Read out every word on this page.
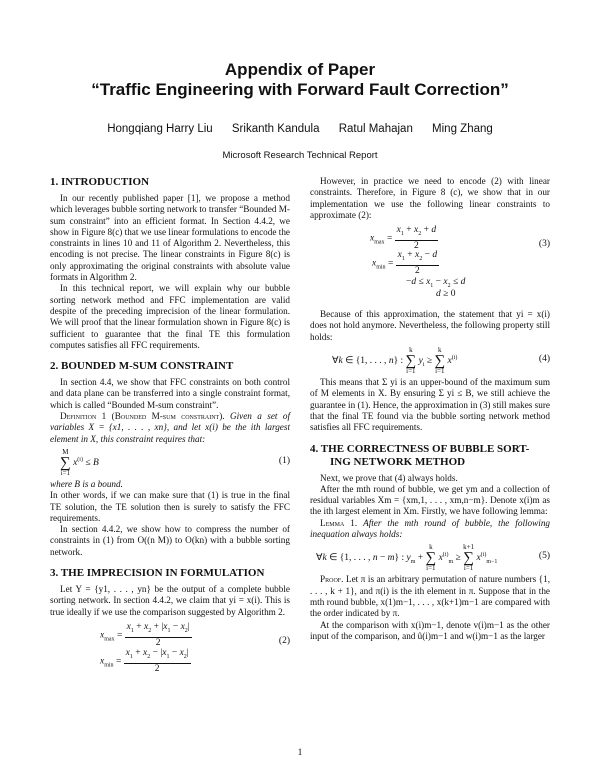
Appendix of Paper
“Traffic Engineering with Forward Fault Correction”
Hongqiang Harry Liu Srikanth Kandula Ratul Mahajan Ming Zhang
Microsoft Research Technical Report
1. INTRODUCTION

In our recently published paper [1], we propose a method which leverages bubble sorting network to transfer “Bounded M-sum constraint” into an efficient format. In Section 4.4.2, we show in Figure 8(c) that we use linear formulations to encode the constraints in lines 10 and 11 of Algorithm 2. Nevertheless, this encoding is not precise. The linear constraints in Figure 8(c) is only approximating the original constraints with absolute value formats in Algorithm 2.

In this technical report, we will explain why our bubble sorting network method and FFC implementation are valid despite of the preceding imprecision of the linear formulation. We will proof that the linear formulation shown in Figure 8(c) is sufficient to guarantee that the final TE this formulation computes satisfies all FFC requirements.

2. BOUNDED M-SUM CONSTRAINT

In section 4.4, we show that FFC constraints on both control and data plane can be transferred into a single constraint format, which is called “Bounded M-sum constraint”.

Definition 1 (Bounded M-sum constraint). Given a set of variables X = {x1, . . . , xn}, and let x(i) be the ith largest element in X, this constraint requires that:

M
∑
i=1 $x^{(i)} \le B$	(1)

where B is a bound.

In other words, if we can make sure that (1) is true in the final TE solution, the TE solution then is surely to satisfy the FFC requirements.

In section 4.4.2, we show how to compress the number of constraints in (1) from O((n M)) to O(kn) with a bubble sorting network.

3. THE IMPRECISION IN FORMULATION

Let Y = {y1, . . . , yn} be the output of a complete bubble sorting network. In section 4.4.2, we claim that yi = x(i). This is true ideally if we use the comparison suggested by Algorithm 2.

$x_{max} = \frac{x_1 + x_2 + |x_1 - x_2|}{2}$
$x_{min} = \frac{x_1 + x_2 - |x_1 - x_2|}{2}$
(2)

However, in practice we need to encode (2) with linear constraints. Therefore, in Figure 8 (c), we show that in our implementation we use the following linear constraints to approximate (2):

$x_{max} = \frac{x_1 + x_2 + d}{2}$
$x_{min} = \frac{x_1 + x_2 - d}{2}$
$-d \le x_1 - x_2 \le d$
d ≥ 0
(3)

Because of this approximation, the statement that yi = x(i) does not hold anymore. Nevertheless, the following property still holds:

∀k ∈ {1, . . . , n} : k
∑
i=1 $y_i \ge k$
∑
i=1 $x^{(i)}$	(4)

This means that Σ yi is an upper-bound of the maximum sum of M elements in X. By ensuring Σ yi ≤ B, we still achieve the guarantee in (1). Hence, the approximation in (3) still makes sure that the final TE found via the bubble sorting network method satisfies all FFC requirements.

4. THE CORRECTNESS OF BUBBLE SORT-
ING NETWORK METHOD

Next, we prove that (4) always holds.

After the mth round of bubble, we get ym and a collection of residual variables Xm = {xm,1, . . . , xm,n−m}. Denote x(i)m as the ith largest element in Xm. Firstly, we have following lemma:

Lemma 1. After the mth round of bubble, the following inequation always holds:

∀k ∈ {1, . . . , n − m} : $y_m + k$
∑
i=1 $x^{(i)}_m \ge k+1$
∑
i=1 $x^{(i)}_{m-1}$
(5)

Proof. Let π is an arbitrary permutation of nature numbers {1, . . . , k + 1}, and π(i) is the ith element in π. Suppose that in the mth round bubble, x(1)m−1, . . . , x(k+1)m−1 are compared with the order indicated by π.

At the comparison with x(i)m−1, denote v(i)m−1 as the other input of the comparison, and û(i)m−1 and w(i)m−1 as the larger

1
